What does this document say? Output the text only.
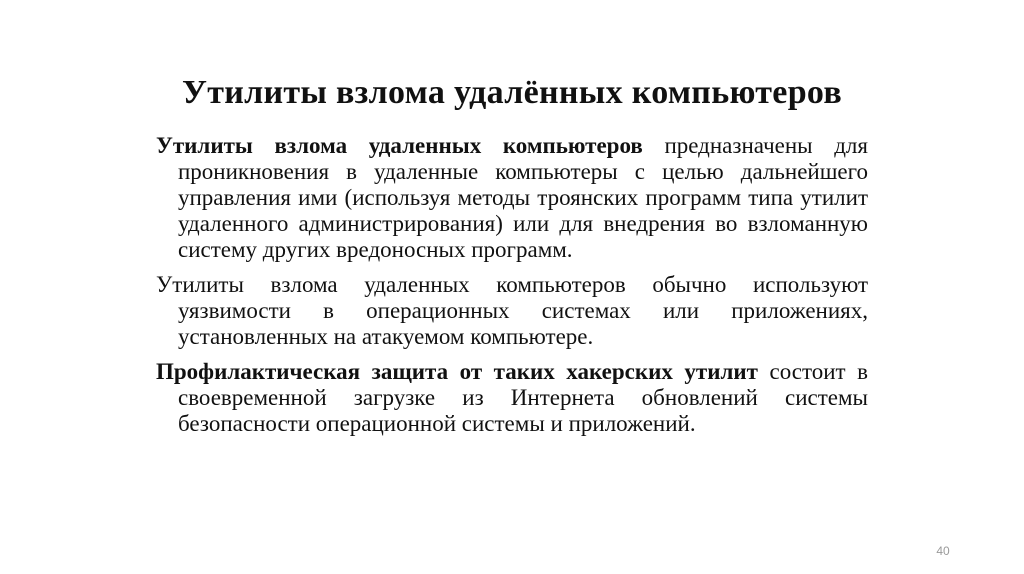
Утилиты взлома удалённых компьютеров

Утилиты взлома удаленных компьютеров предназначены для проникновения в удаленные компьютеры с целью дальнейшего управления ими (используя методы троянских программ типа утилит удаленного администрирования) или для внедрения во взломанную систему других вредоносных программ.

Утилиты взлома удаленных компьютеров обычно используют уязвимости в операционных системах или приложениях, установленных на атакуемом компьютере.

Профилактическая защита от таких хакерских утилит состоит в своевременной загрузке из Интернета обновлений системы безопасности операционной системы и приложений.

40
